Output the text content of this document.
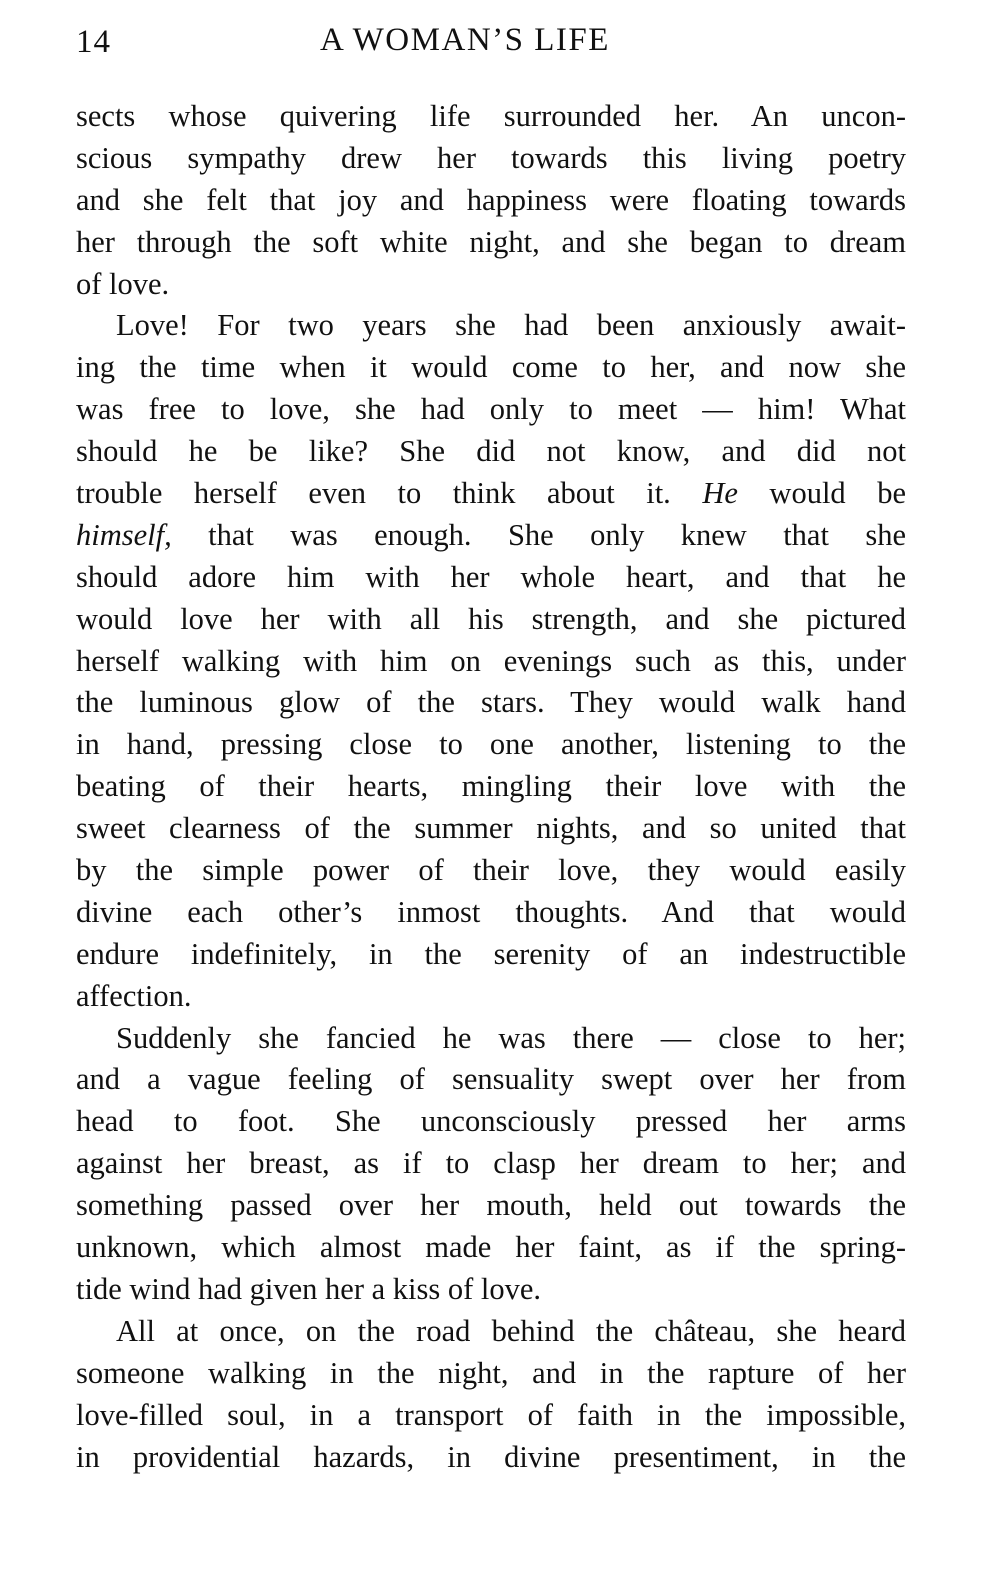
14	A WOMAN’S LIFE
sects whose quivering life surrounded her. An uncon-
scious sympathy drew her towards this living poetry
and she felt that joy and happiness were floating towards
her through the soft white night, and she began to dream
of love.
Love! For two years she had been anxiously await-
ing the time when it would come to her, and now she
was free to love, she had only to meet — him! What
should he be like? She did not know, and did not
trouble herself even to think about it. He would be
himself, that was enough. She only knew that she
should adore him with her whole heart, and that he
would love her with all his strength, and she pictured
herself walking with him on evenings such as this, under
the luminous glow of the stars. They would walk hand
in hand, pressing close to one another, listening to the
beating of their hearts, mingling their love with the
sweet clearness of the summer nights, and so united that
by the simple power of their love, they would easily
divine each other’s inmost thoughts. And that would
endure indefinitely, in the serenity of an indestructible
affection.
Suddenly she fancied he was there — close to her;
and a vague feeling of sensuality swept over her from
head to foot. She unconsciously pressed her arms
against her breast, as if to clasp her dream to her; and
something passed over her mouth, held out towards the
unknown, which almost made her faint, as if the spring-
tide wind had given her a kiss of love.
All at once, on the road behind the château, she heard
someone walking in the night, and in the rapture of her
love-filled soul, in a transport of faith in the impossible,
in providential hazards, in divine presentiment, in the
